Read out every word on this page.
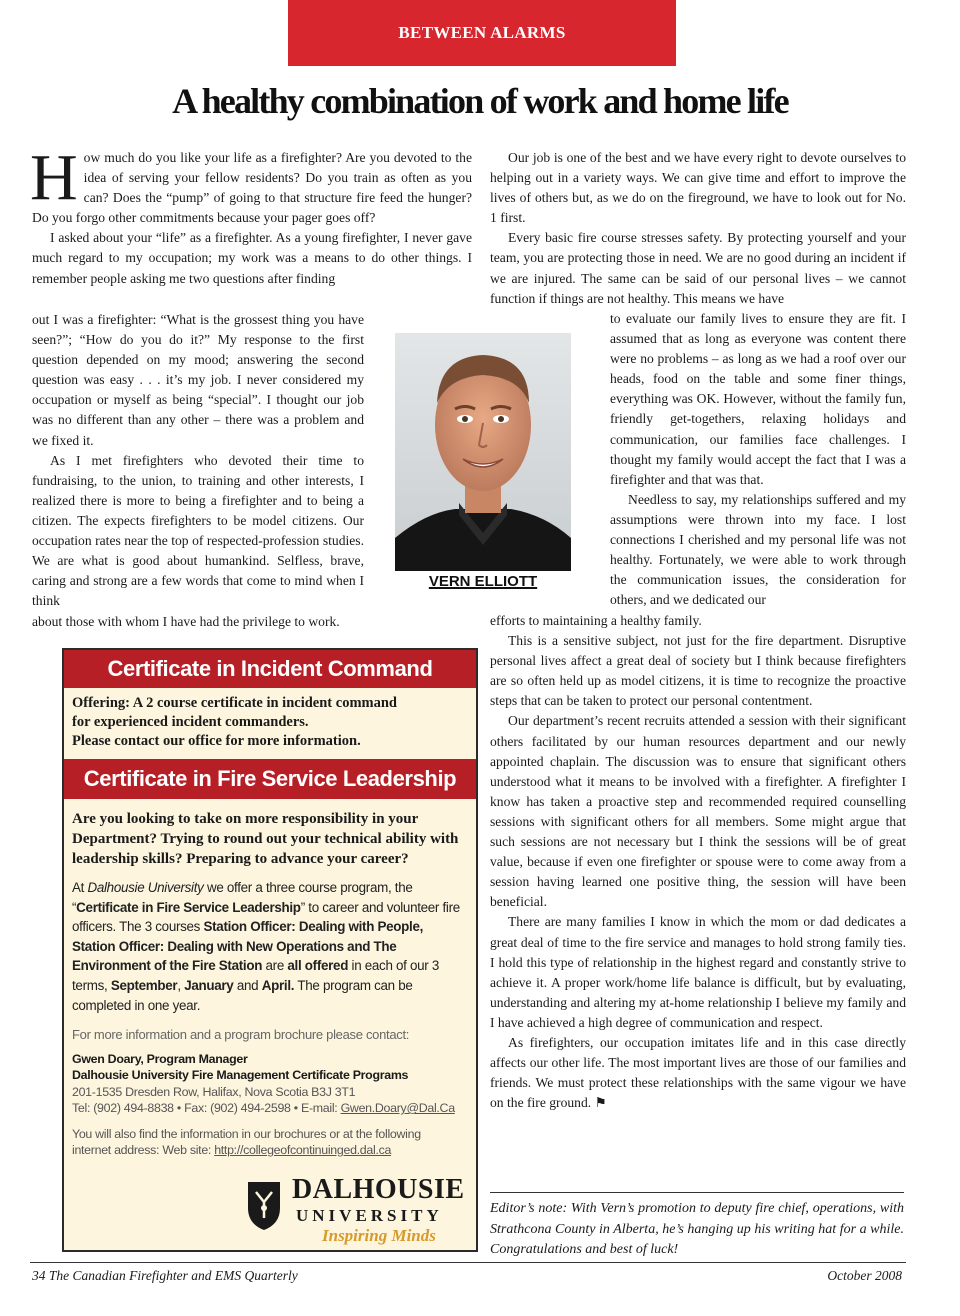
BETWEEN ALARMS
A healthy combination of work and home life

How much do you like your life as a firefighter? Are you devoted to the idea of serving your fellow residents? Do you train as often as you can? Does the “pump” of going to that structure fire feed the hunger? Do you forgo other commitments because your pager goes off?

I asked about your “life” as a firefighter. As a young firefighter, I never gave much regard to my occupation; my work was a means to do other things. I remember people asking me two questions after finding

out I was a firefighter: “What is the grossest thing you have seen?”; “How do you do it?” My response to the first question depended on my mood; answering the second question was easy . . . it’s my job. I never considered my occupation or myself as being “special”. I thought our job was no different than any other – there was a problem and we fixed it.

As I met firefighters who devoted their time to fundraising, to the union, to training and other interests, I realized there is more to being a firefighter and to being a citizen. The expects firefighters to be model citizens. Our occupation rates near the top of respected-profession studies. We are what is good about humankind. Selfless, brave, caring and strong are a few words that come to mind when I think

about those with whom I have had the privilege to work.

VERN ELLIOTT

Our job is one of the best and we have every right to devote ourselves to helping out in a variety ways. We can give time and effort to improve the lives of others but, as we do on the fireground, we have to look out for No. 1 first.

Every basic fire course stresses safety. By protecting yourself and your team, you are protecting those in need. We are no good during an incident if we are injured. The same can be said of our personal lives – we cannot function if things are not healthy. This means we have

to evaluate our family lives to ensure they are fit. I assumed that as long as everyone was content there were no problems – as long as we had a roof over our heads, food on the table and some finer things, everything was OK. However, without the family fun, friendly get-togethers, relaxing holidays and communication, our families face challenges. I thought my family would accept the fact that I was a firefighter and that was that.

Needless to say, my relationships suffered and my assumptions were thrown into my face. I lost connections I cherished and my personal life was not healthy. Fortunately, we were able to work through the communication issues, the consideration for others, and we dedicated our

efforts to maintaining a healthy family.

This is a sensitive subject, not just for the fire department. Disruptive personal lives affect a great deal of society but I think because firefighters are so often held up as model citizens, it is time to recognize the proactive steps that can be taken to protect our personal contentment.

Our department’s recent recruits attended a session with their significant others facilitated by our human resources department and our newly appointed chaplain. The discussion was to ensure that significant others understood what it means to be involved with a firefighter. A firefighter I know has taken a proactive step and recommended required counselling sessions with significant others for all members. Some might argue that such sessions are not necessary but I think the sessions will be of great value, because if even one firefighter or spouse were to come away from a session having learned one positive thing, the session will have been beneficial.

There are many families I know in which the mom or dad dedicates a great deal of time to the fire service and manages to hold strong family ties. I hold this type of relationship in the highest regard and constantly strive to achieve it. A proper work/home life balance is difficult, but by evaluating, understanding and altering my at-home relationship I believe my family and I have achieved a high degree of communication and respect.

As firefighters, our occupation imitates life and in this case directly affects our other life. The most important lives are those of our families and friends. We must protect these relationships with the same vigour we have on the fire ground. ⚑

Editor’s note: With Vern’s promotion to deputy fire chief, operations, with Strathcona County in Alberta, he’s hanging up his writing hat for a while. Congratulations and best of luck!
Certificate in Incident Command
Offering: A 2 course certificate in incident command
for experienced incident commanders.
Please contact our office for more information.
Certificate in Fire Service Leadership
Are you looking to take on more responsibility in your Department? Trying to round out your technical ability with leadership skills? Preparing to advance your career?
At Dalhousie University we offer a three course program, the “Certificate in Fire Service Leadership” to career and volunteer fire officers. The 3 courses Station Officer: Dealing with People, Station Officer: Dealing with New Operations and The Environment of the Fire Station are all offered in each of our 3 terms, September, January and April. The program can be completed in one year.
For more information and a program brochure please contact:
Gwen Doary, Program Manager
Dalhousie University Fire Management Certificate Programs
201-1535 Dresden Row, Halifax, Nova Scotia B3J 3T1
Tel: (902) 494-8838 • Fax: (902) 494-2598 • E-mail: Gwen.Doary@Dal.Ca
You will also find the information in our brochures or at the following
internet address: Web site: http://collegeofcontinuinged.dal.ca
DALHOUSIE
UNIVERSITY
Inspiring Minds
34 The Canadian Firefighter and EMS Quarterly	October 2008
